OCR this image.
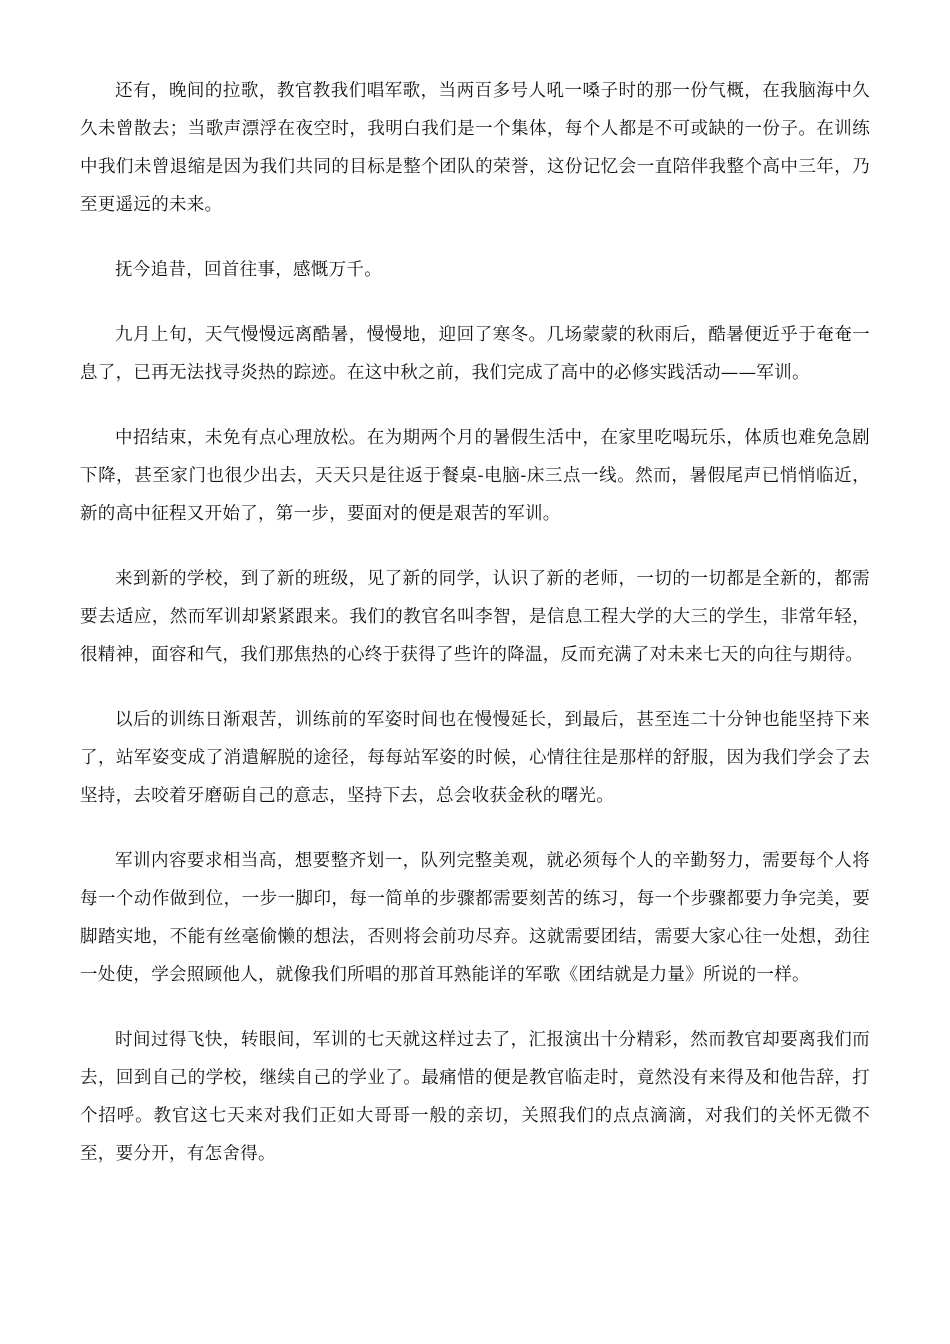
还有，晚间的拉歌，教官教我们唱军歌，当两百多号人吼一嗓子时的那一份气概，在我脑海中久久未曾散去；当歌声漂浮在夜空时，我明白我们是一个集体，每个人都是不可或缺的一份子。在训练中我们未曾退缩是因为我们共同的目标是整个团队的荣誉，这份记忆会一直陪伴我整个高中三年，乃至更遥远的未来。

抚今追昔，回首往事，感慨万千。

九月上旬，天气慢慢远离酷暑，慢慢地，迎回了寒冬。几场蒙蒙的秋雨后，酷暑便近乎于奄奄一息了，已再无法找寻炎热的踪迹。在这中秋之前，我们完成了高中的必修实践活动——军训。

中招结束，未免有点心理放松。在为期两个月的暑假生活中，在家里吃喝玩乐，体质也难免急剧下降，甚至家门也很少出去，天天只是往返于餐桌-电脑-床三点一线。然而，暑假尾声已悄悄临近，新的高中征程又开始了，第一步，要面对的便是艰苦的军训。

来到新的学校，到了新的班级，见了新的同学，认识了新的老师，一切的一切都是全新的，都需要去适应，然而军训却紧紧跟来。我们的教官名叫李智，是信息工程大学的大三的学生，非常年轻，很精神，面容和气，我们那焦热的心终于获得了些许的降温，反而充满了对未来七天的向往与期待。

以后的训练日渐艰苦，训练前的军姿时间也在慢慢延长，到最后，甚至连二十分钟也能坚持下来了，站军姿变成了消遣解脱的途径，每每站军姿的时候，心情往往是那样的舒服，因为我们学会了去坚持，去咬着牙磨砺自己的意志，坚持下去，总会收获金秋的曙光。

军训内容要求相当高，想要整齐划一，队列完整美观，就必须每个人的辛勤努力，需要每个人将每一个动作做到位，一步一脚印，每一简单的步骤都需要刻苦的练习，每一个步骤都要力争完美，要脚踏实地，不能有丝毫偷懒的想法，否则将会前功尽弃。这就需要团结，需要大家心往一处想，劲往一处使，学会照顾他人，就像我们所唱的那首耳熟能详的军歌《团结就是力量》所说的一样。

时间过得飞快，转眼间，军训的七天就这样过去了，汇报演出十分精彩，然而教官却要离我们而去，回到自己的学校，继续自己的学业了。最痛惜的便是教官临走时，竟然没有来得及和他告辞，打个招呼。教官这七天来对我们正如大哥哥一般的亲切，关照我们的点点滴滴，对我们的关怀无微不至，要分开，有怎舍得。
